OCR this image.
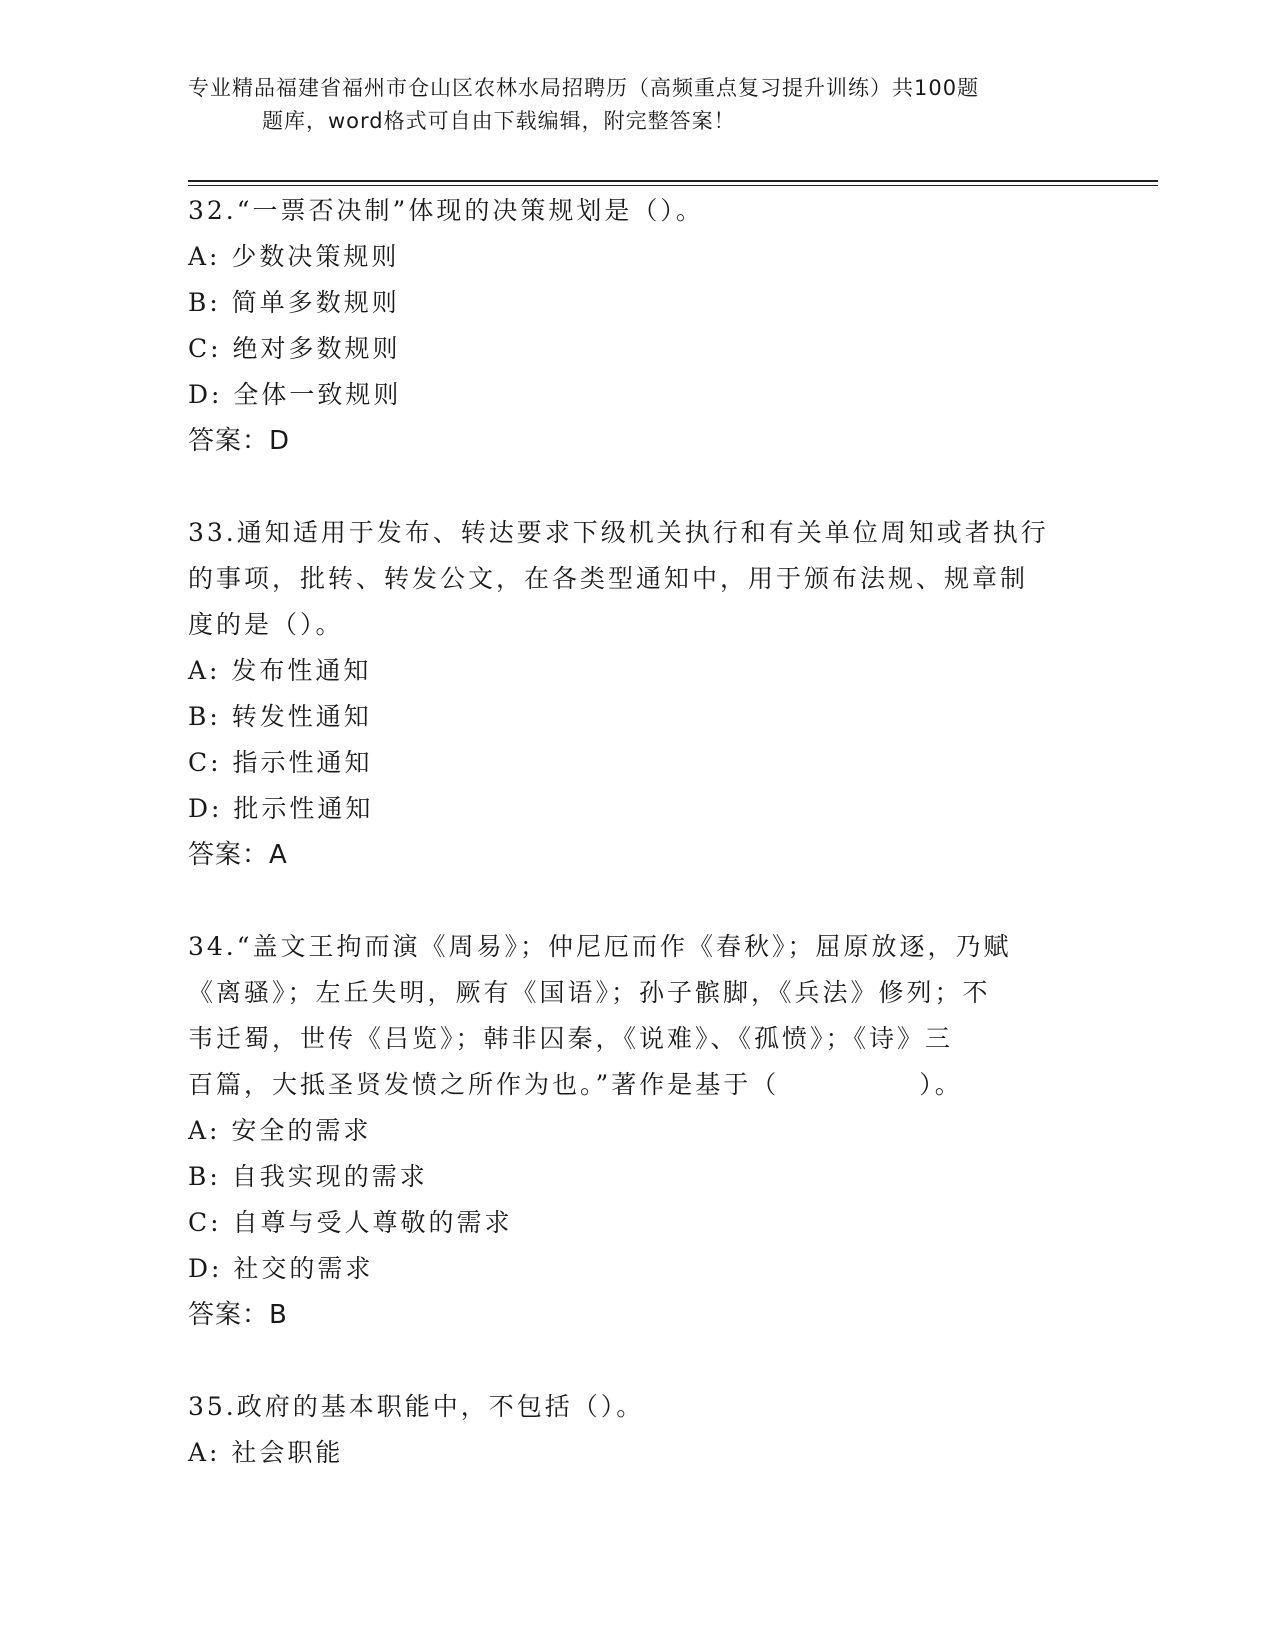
专业精品福建省福州市仓山区农林水局招聘历（高频重点复习提升训练）共100题
题库，word格式可自由下载编辑，附完整答案！

32.“一票否决制”体现的决策规划是（）。

A: 少数决策规则

B: 简单多数规则

C: 绝对多数规则

D: 全体一致规则

答案：D

33.通知适用于发布、转达要求下级机关执行和有关单位周知或者执行

的事项，批转、转发公文，在各类型通知中，用于颁布法规、规章制

度的是（）。

A: 发布性通知

B: 转发性通知

C: 指示性通知

D: 批示性通知

答案：A

34.“盖文王拘而演《周易》；仲尼厄而作《春秋》；屈原放逐，乃赋

《离骚》；左丘失明，厥有《国语》；孙子髌脚，《兵法》修列；不

韦迁蜀，世传《吕览》；韩非囚秦，《说难》、《孤愤》；《诗》三

百篇，大抵圣贤发愤之所作为也。”著作是基于（　　　　　）。

A: 安全的需求

B: 自我实现的需求

C: 自尊与受人尊敬的需求

D: 社交的需求

答案：B

35.政府的基本职能中，不包括（）。

A: 社会职能
